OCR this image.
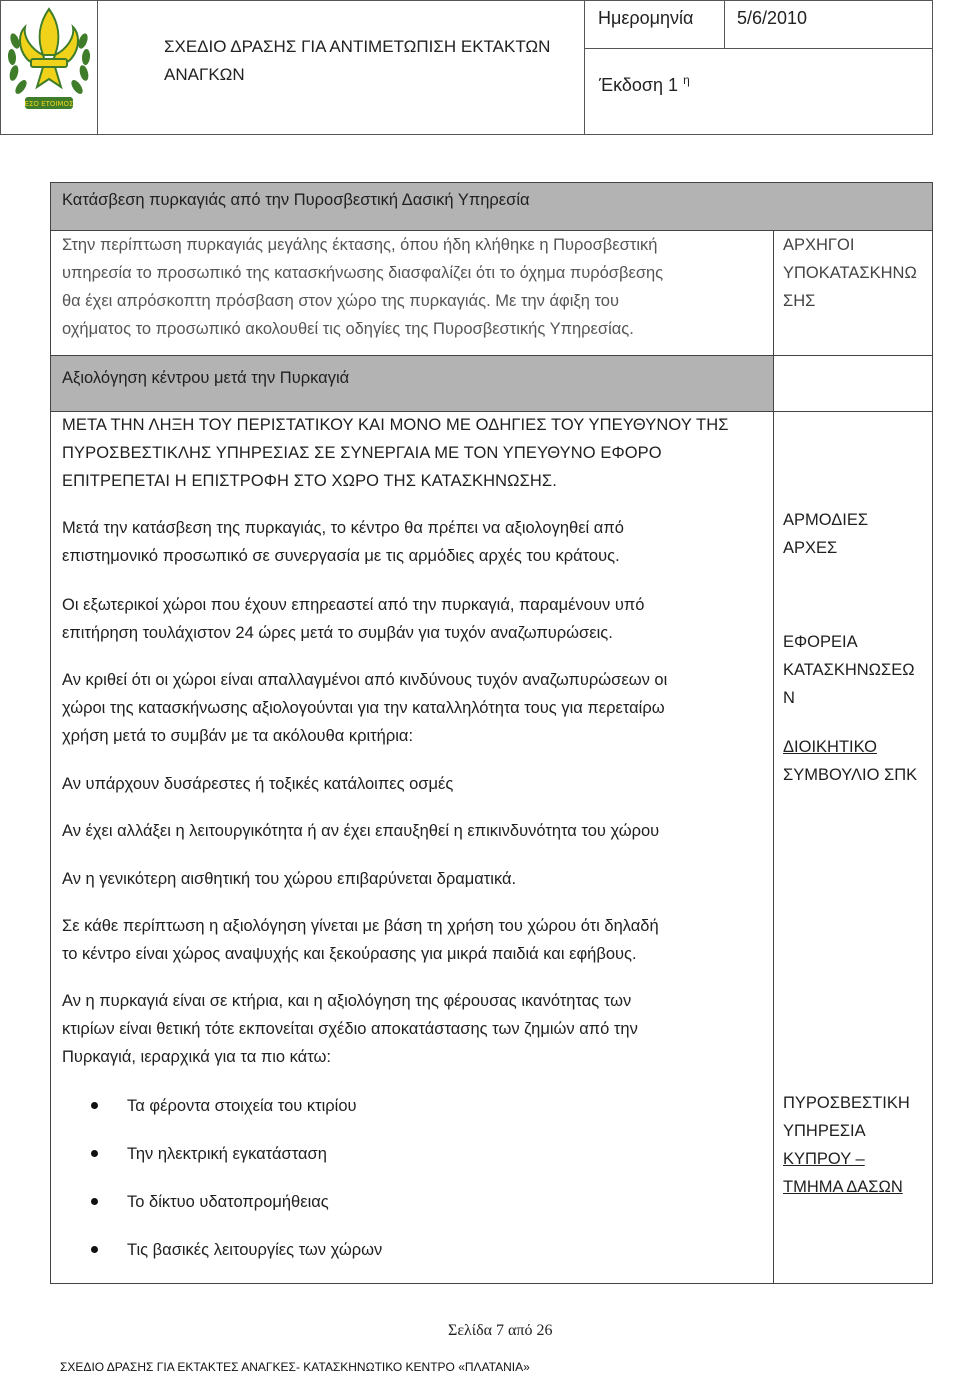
ΕΣΟ ΕΤΟΙΜΟΣ
ΣΧΕΔΙΟ ΔΡΑΣΗΣ ΓΙΑ ΑΝΤΙΜΕΤΩΠΙΣΗ ΕΚΤΑΚΤΩΝ ΑΝΑΓΚΩΝ
Ημερομηνία 5/6/2010
Έκδοση 1 $^\eta$
Κατάσβεση πυρκαγιάς από την Πυροσβεστική Δασική Υπηρεσία
Στην περίπτωση πυρκαγιάς μεγάλης έκτασης, όπου ήδη κλήθηκε η Πυροσβεστική
υπηρεσία το προσωπικό της κατασκήνωσης διασφαλίζει ότι το όχημα πυρόσβεσης
θα έχει απρόσκοπτη πρόσβαση στον χώρο της πυρκαγιάς. Με την άφιξη του
οχήματος το προσωπικό ακολουθεί τις οδηγίες της Πυροσβεστικής Υπηρεσίας.
ΑΡΧΗΓΟΙ
ΥΠΟΚΑΤΑΣΚΗΝΩ
ΣΗΣ
Αξιολόγηση κέντρου μετά την Πυρκαγιά
ΜΕΤΑ ΤΗΝ ΛΗΞΗ ΤΟΥ ΠΕΡΙΣΤΑΤΙΚΟΥ ΚΑΙ ΜΟΝΟ ΜΕ ΟΔΗΓΙΕΣ ΤΟΥ ΥΠΕΥΘΥΝΟΥ ΤΗΣ
ΠΥΡΟΣΒΕΣΤΙΚΛΗΣ ΥΠΗΡΕΣΙΑΣ ΣΕ ΣΥΝΕΡΓΑΙΑ ΜΕ ΤΟΝ ΥΠΕΥΘΥΝΟ ΕΦΟΡΟ
ΕΠΙΤΡΕΠΕΤΑΙ Η ΕΠΙΣΤΡΟΦΗ ΣΤΟ ΧΩΡΟ ΤΗΣ ΚΑΤΑΣΚΗΝΩΣΗΣ.
Μετά την κατάσβεση της πυρκαγιάς, το κέντρο θα πρέπει να αξιολογηθεί από
επιστημονικό προσωπικό σε συνεργασία με τις αρμόδιες αρχές του κράτους.
Οι εξωτερικοί χώροι που έχουν επηρεαστεί από την πυρκαγιά, παραμένουν υπό
επιτήρηση τουλάχιστον 24 ώρες μετά το συμβάν για τυχόν αναζωπυρώσεις.
Αν κριθεί ότι οι χώροι είναι απαλλαγμένοι από κινδύνους τυχόν αναζωπυρώσεων οι
χώροι της κατασκήνωσης αξιολογούνται για την καταλληλότητα τους για περεταίρω
χρήση μετά το συμβάν με τα ακόλουθα κριτήρια:
Αν υπάρχουν δυσάρεστες ή τοξικές κατάλοιπες οσμές
Αν έχει αλλάξει η λειτουργικότητα ή αν έχει επαυξηθεί η επικινδυνότητα του χώρου
Αν η γενικότερη αισθητική του χώρου επιβαρύνεται δραματικά.
Σε κάθε περίπτωση η αξιολόγηση γίνεται με βάση τη χρήση του χώρου ότι δηλαδή
το κέντρο είναι χώρος αναψυχής και ξεκούρασης για μικρά παιδιά και εφήβους.
Αν η πυρκαγιά είναι σε κτήρια, και η αξιολόγηση της φέρουσας ικανότητας των
κτιρίων είναι θετική τότε εκπονείται σχέδιο αποκατάστασης των ζημιών από την
Πυρκαγιά, ιεραρχικά για τα πιο κάτω:
Τα φέροντα στοιχεία του κτιρίου
Την ηλεκτρική εγκατάσταση
Το δίκτυο υδατοπρομήθειας
Τις βασικές λειτουργίες των χώρων
ΑΡΜΟΔΙΕΣ
ΑΡΧΕΣ
ΕΦΟΡΕΙΑ
ΚΑΤΑΣΚΗΝΩΣΕΩ
Ν
ΔΙΟΙΚΗΤΙΚΟ
ΣΥΜΒΟΥΛΙΟ ΣΠΚ
ΠΥΡΟΣΒΕΣΤΙΚΗ
ΥΠΗΡΕΣΙΑ
ΚΥΠΡΟΥ –
ΤΜΗΜΑ ΔΑΣΩΝ
Σελίδα 7 από 26
ΣΧΕΔΙΟ ΔΡΑΣΗΣ ΓΙΑ ΕΚΤΑΚΤΕΣ ΑΝΑΓΚΕΣ- ΚΑΤΑΣΚΗΝΩΤΙΚΟ ΚΕΝΤΡΟ «ΠΛΑΤΑΝΙΑ»
